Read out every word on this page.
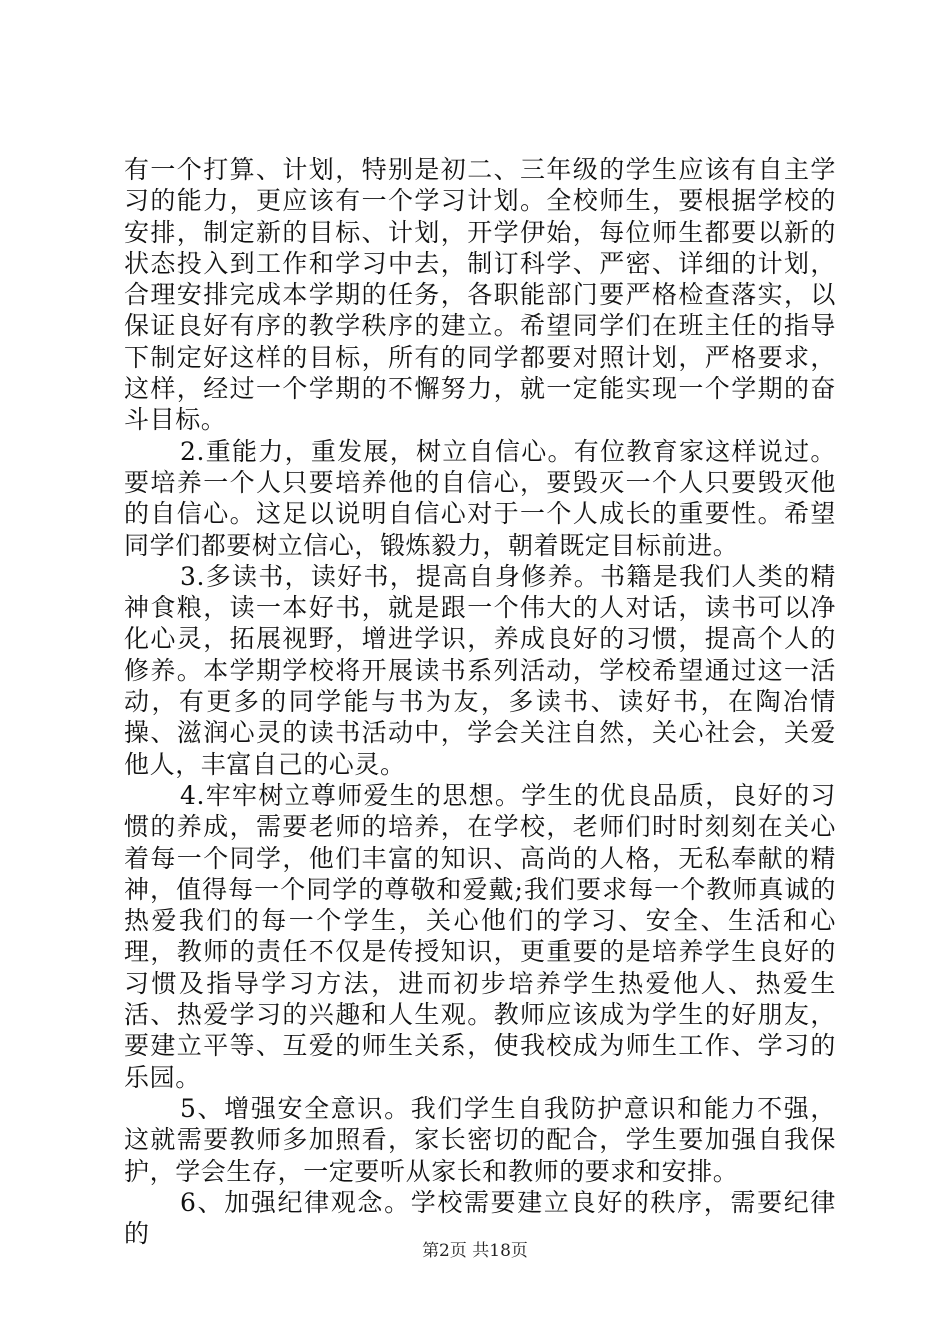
有一个打算、计划，特别是初二、三年级的学生应该有自主学习的能力，更应该有一个学习计划。全校师生，要根据学校的安排，制定新的目标、计划，开学伊始，每位师生都要以新的状态投入到工作和学习中去，制订科学、严密、详细的计划，合理安排完成本学期的任务，各职能部门要严格检查落实，以保证良好有序的教学秩序的建立。希望同学们在班主任的指导下制定好这样的目标，所有的同学都要对照计划，严格要求，这样，经过一个学期的不懈努力，就一定能实现一个学期的奋斗目标。

2.重能力，重发展，树立自信心。有位教育家这样说过。要培养一个人只要培养他的自信心，要毁灭一个人只要毁灭他的自信心。这足以说明自信心对于一个人成长的重要性。希望同学们都要树立信心，锻炼毅力，朝着既定目标前进。

3.多读书，读好书，提高自身修养。书籍是我们人类的精神食粮，读一本好书，就是跟一个伟大的人对话，读书可以净化心灵，拓展视野，增进学识，养成良好的习惯，提高个人的修养。本学期学校将开展读书系列活动，学校希望通过这一活动，有更多的同学能与书为友，多读书、读好书，在陶冶情操、滋润心灵的读书活动中，学会关注自然，关心社会，关爱他人，丰富自己的心灵。

4.牢牢树立尊师爱生的思想。学生的优良品质，良好的习惯的养成，需要老师的培养，在学校，老师们时时刻刻在关心着每一个同学，他们丰富的知识、高尚的人格，无私奉献的精神，值得每一个同学的尊敬和爱戴;我们要求每一个教师真诚的热爱我们的每一个学生，关心他们的学习、安全、生活和心理，教师的责任不仅是传授知识，更重要的是培养学生良好的习惯及指导学习方法，进而初步培养学生热爱他人、热爱生活、热爱学习的兴趣和人生观。教师应该成为学生的好朋友，要建立平等、互爱的师生关系，使我校成为师生工作、学习的乐园。

5、增强安全意识。我们学生自我防护意识和能力不强，这就需要教师多加照看，家长密切的配合，学生要加强自我保护，学会生存，一定要听从家长和教师的要求和安排。

6、加强纪律观念。学校需要建立良好的秩序，需要纪律的

第2页 共18页
